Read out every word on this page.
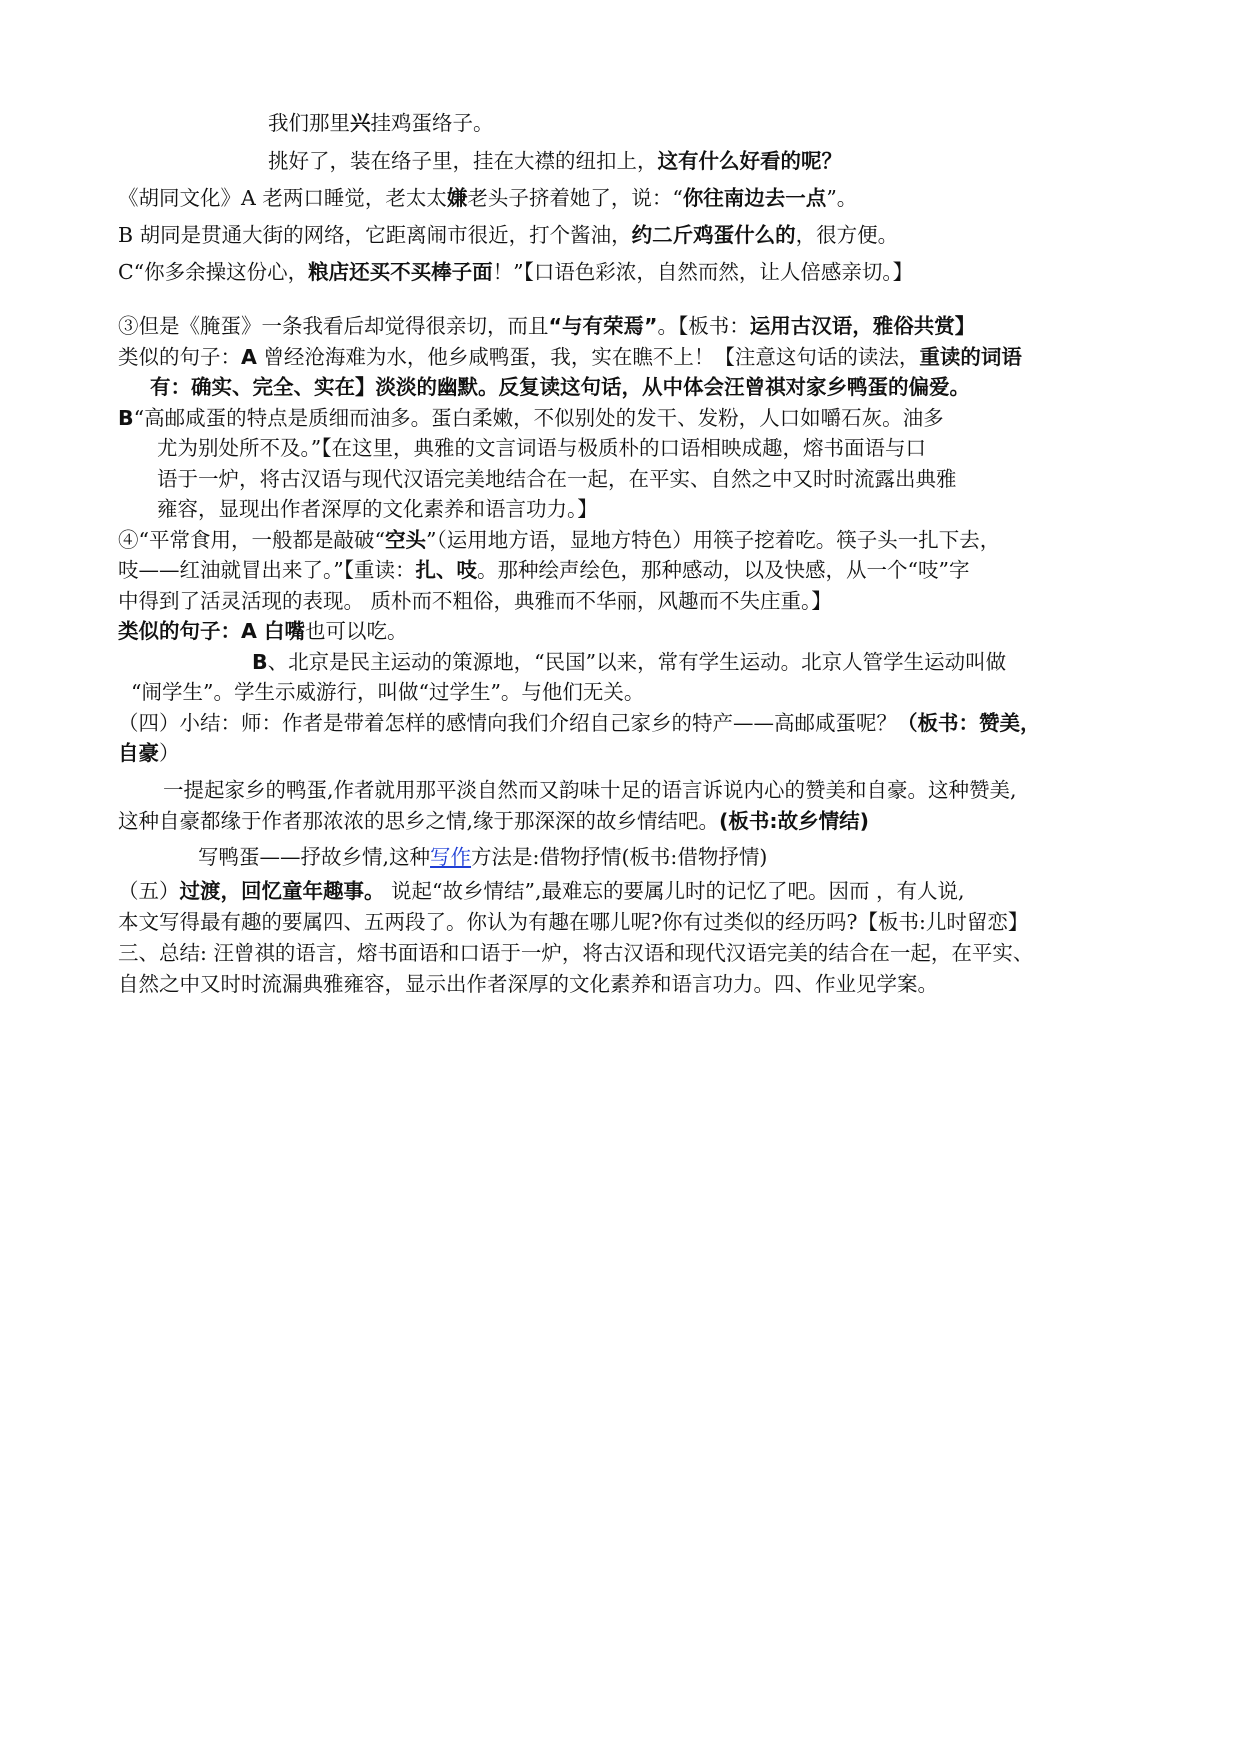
我们那里兴挂鸡蛋络子。
挑好了，装在络子里，挂在大襟的纽扣上，这有什么好看的呢？
《胡同文化》A 老两口睡觉，老太太嫌老头子挤着她了，说：“你往南边去一点”。
B 胡同是贯通大街的网络，它距离闹市很近，打个酱油，约二斤鸡蛋什么的，很方便。
C“你多余操这份心，粮店还买不买棒子面！”【口语色彩浓，自然而然，让人倍感亲切。】
③但是《腌蛋》一条我看后却觉得很亲切，而且“与有荣焉”。【板书：运用古汉语，雅俗共赏】
类似的句子：A 曾经沧海难为水，他乡咸鸭蛋，我，实在瞧不上！【注意这句话的读法，重读的词语
有：确实、完全、实在】淡淡的幽默。反复读这句话，从中体会汪曾祺对家乡鸭蛋的偏爱。
B“高邮咸蛋的特点是质细而油多。蛋白柔嫩，不似别处的发干、发粉，人口如嚼石灰。油多
尤为别处所不及。”【在这里，典雅的文言词语与极质朴的口语相映成趣，熔书面语与口
语于一炉，将古汉语与现代汉语完美地结合在一起，在平实、自然之中又时时流露出典雅
雍容，显现出作者深厚的文化素养和语言功力。】
④“平常食用，一般都是敲破“空头”（运用地方语，显地方特色）用筷子挖着吃。筷子头一扎下去，
吱——红油就冒出来了。”【重读：扎、吱。那种绘声绘色，那种感动，以及快感，从一个“吱”字
中得到了活灵活现的表现。 质朴而不粗俗，典雅而不华丽，风趣而不失庄重。】
类似的句子：A 白嘴也可以吃。
B、北京是民主运动的策源地，“民国”以来，常有学生运动。北京人管学生运动叫做
“闹学生”。学生示威游行，叫做“过学生”。与他们无关。
（四）小结：师：作者是带着怎样的感情向我们介绍自己家乡的特产——高邮咸蛋呢？（板书：赞美，
自豪）
一提起家乡的鸭蛋,作者就用那平淡自然而又韵味十足的语言诉说内心的赞美和自豪。这种赞美,
这种自豪都缘于作者那浓浓的思乡之情,缘于那深深的故乡情结吧。(板书:故乡情结)
写鸭蛋——抒故乡情,这种写作方法是:借物抒情(板书:借物抒情)
（五）过渡，回忆童年趣事。 说起“故乡情结”,最难忘的要属儿时的记忆了吧。因而 ，有人说,
本文写得最有趣的要属四、五两段了。你认为有趣在哪儿呢?你有过类似的经历吗?【板书:儿时留恋】
三、总结: 汪曾祺的语言，熔书面语和口语于一炉，将古汉语和现代汉语完美的结合在一起，在平实、
自然之中又时时流漏典雅雍容，显示出作者深厚的文化素养和语言功力。四、作业见学案。
